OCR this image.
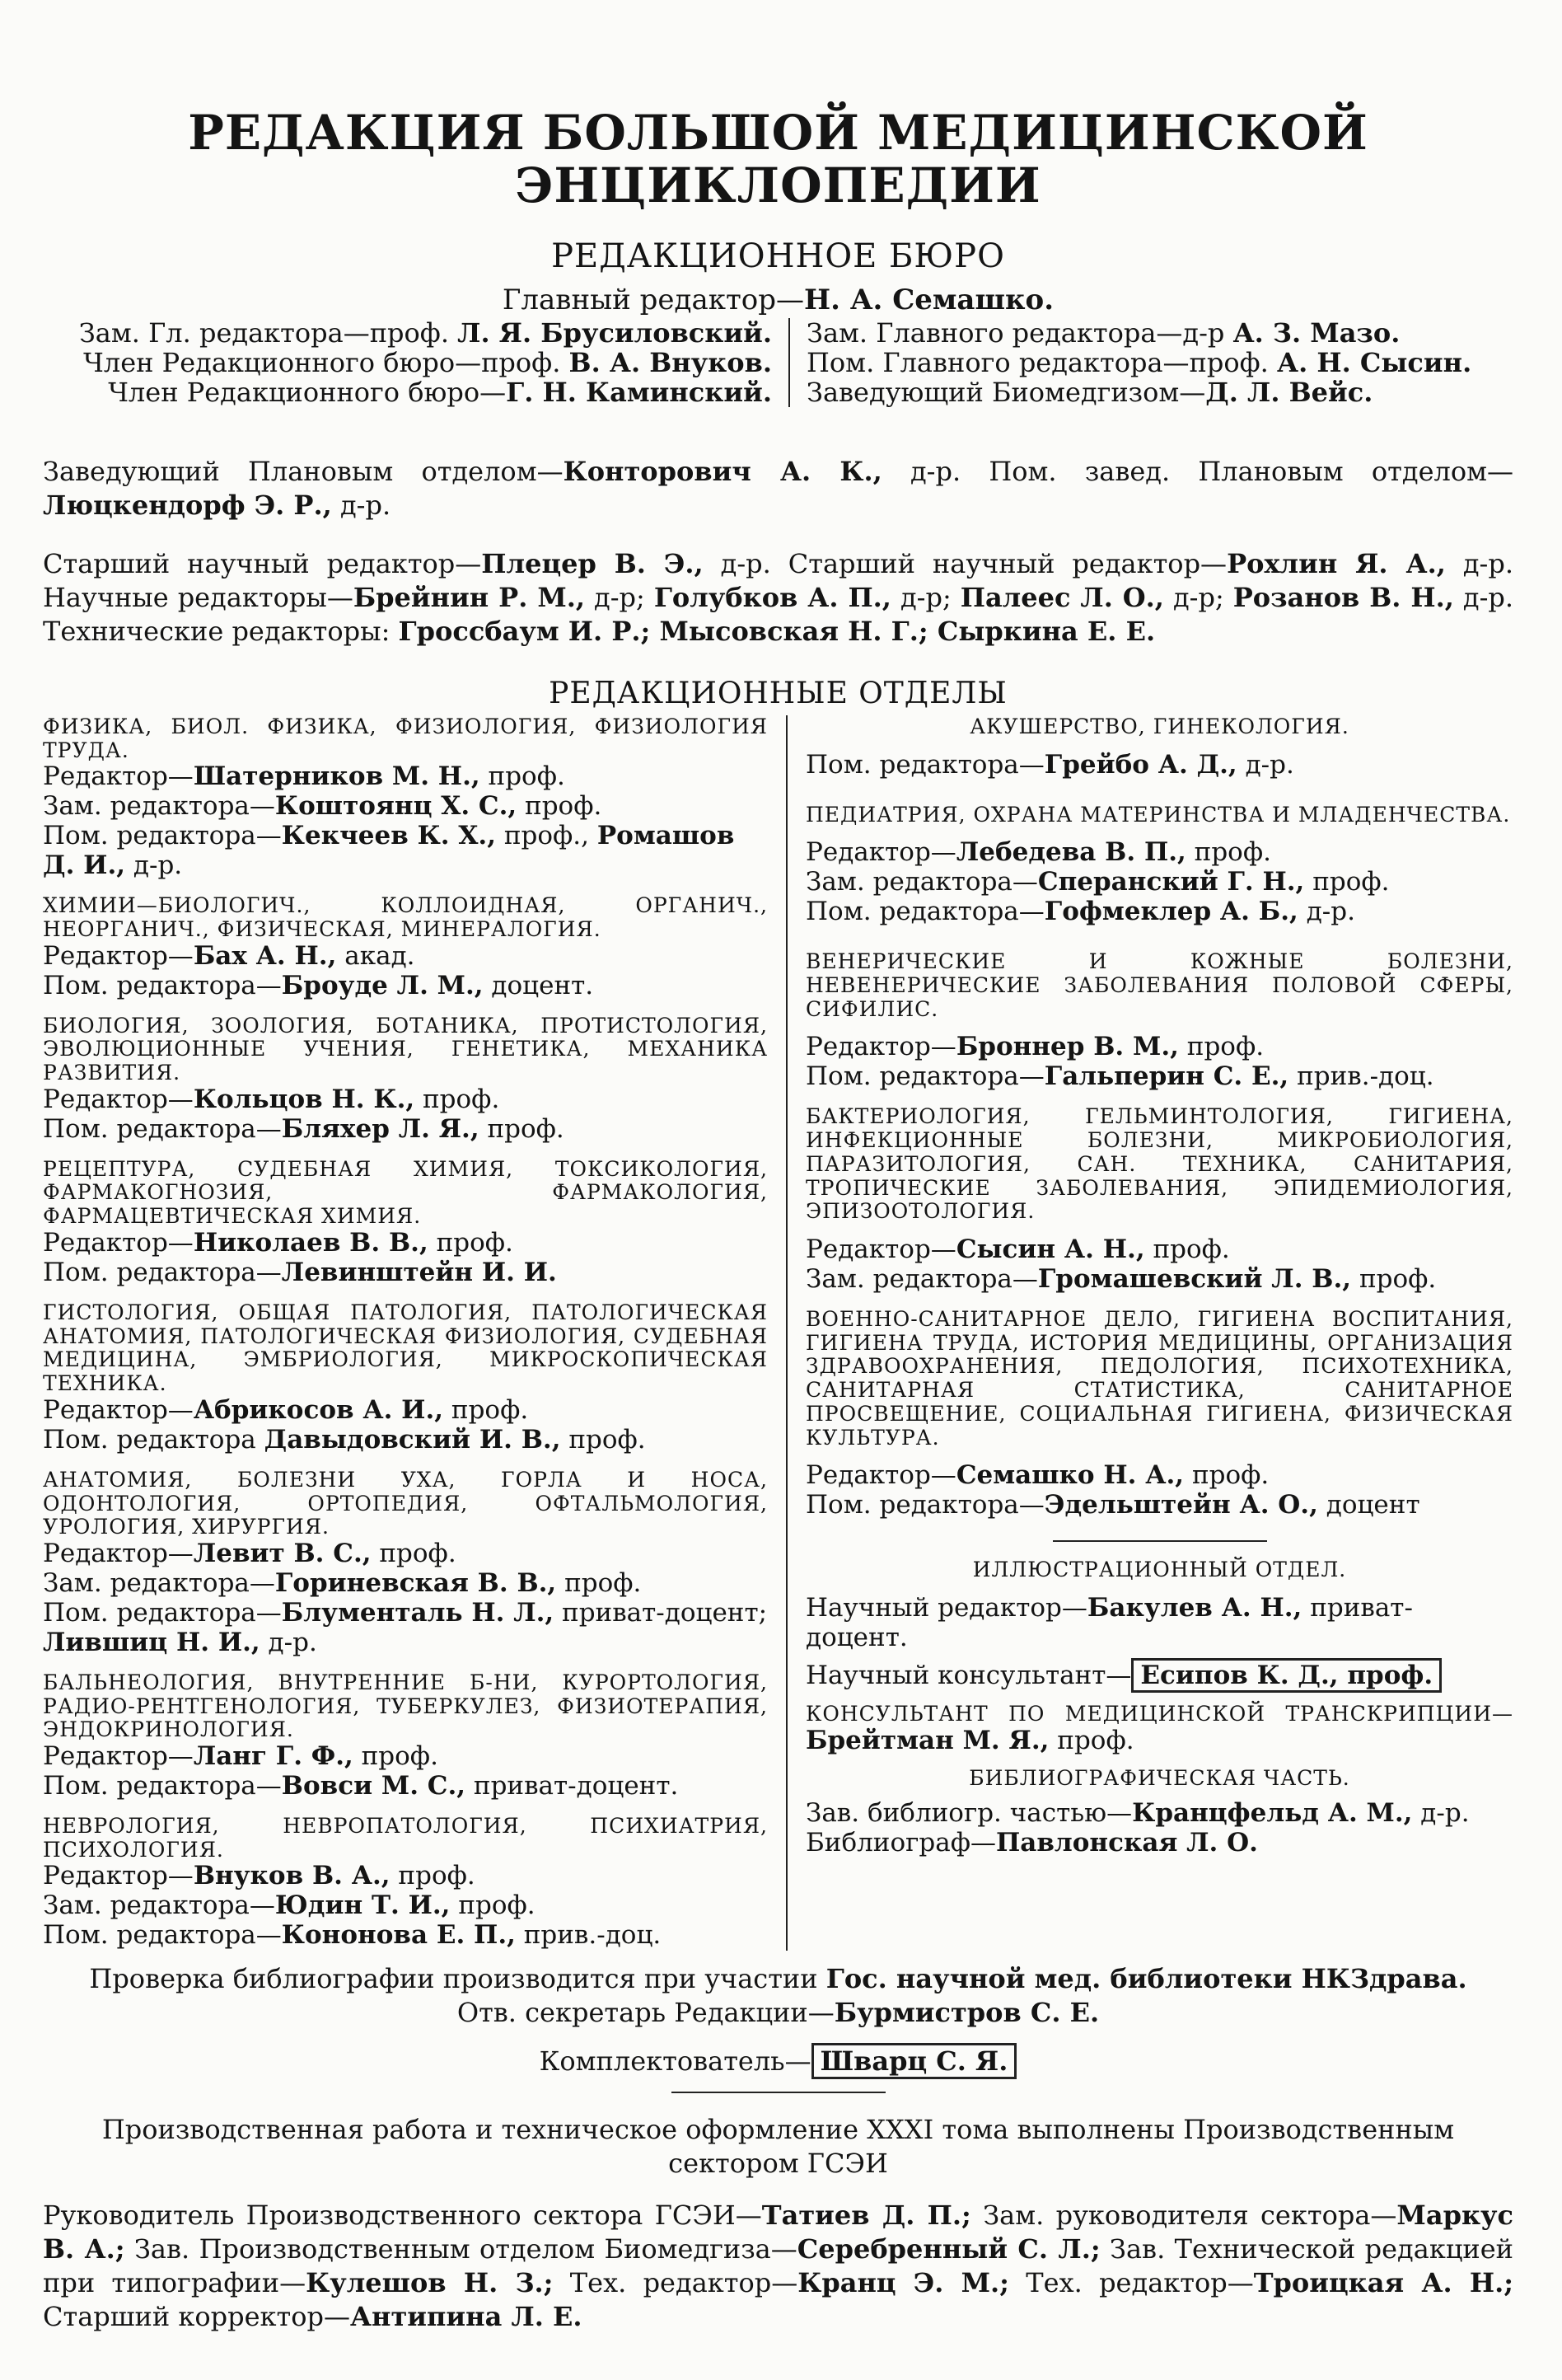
РЕДАКЦИЯ БОЛЬШОЙ МЕДИЦИНСКОЙ ЭНЦИКЛОПЕДИИ
РЕДАКЦИОННОЕ БЮРО
Главный редактор—Н. А. Семашко.
Зам. Гл. редактора—проф. Л. Я. Брусиловский.
Член Редакционного бюро—проф. В. А. Внуков.
Член Редакционного бюро—Г. Н. Каминский.
Зам. Главного редактора—д-р А. З. Мазо.
Пом. Главного редактора—проф. А. Н. Сысин.
Заведующий Биомедгизом—Д. Л. Вейс.
Заведующий Плановым отделом—Конторович А. К., д-р. Пом. завед. Плановым отделом—Люцкендорф Э. Р., д-р.
Старший научный редактор—Плецер В. Э., д-р. Старший научный редактор—Рохлин Я. А., д-р. Научные редакторы—Брейнин Р. М., д-р; Голубков А. П., д-р; Палеес Л. О., д-р; Розанов В. Н., д-р. Технические редакторы: Гроссбаум И. Р.; Мысовская Н. Г.; Сыркина Е. Е.
РЕДАКЦИОННЫЕ ОТДЕЛЫ
ФИЗИКА, БИОЛ. ФИЗИКА, ФИЗИОЛОГИЯ, ФИЗИОЛОГИЯ ТРУДА.
Редактор—Шатерников М. Н., проф.
Зам. редактора—Коштоянц Х. С., проф.
Пом. редактора—Кекчеев К. Х., проф., Ромашов Д. И., д-р.
ХИМИИ—БИОЛОГИЧ., КОЛЛОИДНАЯ, ОРГАНИЧ., НЕОРГАНИЧ., ФИЗИЧЕСКАЯ, МИНЕРАЛОГИЯ.
Редактор—Бах А. Н., акад.
Пом. редактора—Броуде Л. М., доцент.
БИОЛОГИЯ, ЗООЛОГИЯ, БОТАНИКА, ПРОТИСТОЛОГИЯ, ЭВОЛЮЦИОННЫЕ УЧЕНИЯ, ГЕНЕТИКА, МЕХАНИКА РАЗВИТИЯ.
Редактор—Кольцов Н. К., проф.
Пом. редактора—Бляхер Л. Я., проф.
РЕЦЕПТУРА, СУДЕБНАЯ ХИМИЯ, ТОКСИКОЛОГИЯ, ФАРМАКОГНОЗИЯ, ФАРМАКОЛОГИЯ, ФАРМАЦЕВТИЧЕСКАЯ ХИМИЯ.
Редактор—Николаев В. В., проф.
Пом. редактора—Левинштейн И. И.
ГИСТОЛОГИЯ, ОБЩАЯ ПАТОЛОГИЯ, ПАТОЛОГИЧЕСКАЯ АНАТОМИЯ, ПАТОЛОГИЧЕСКАЯ ФИЗИОЛОГИЯ, СУДЕБНАЯ МЕДИЦИНА, ЭМБРИОЛОГИЯ, МИКРОСКОПИЧЕСКАЯ ТЕХНИКА.
Редактор—Абрикосов А. И., проф.
Пом. редактора Давыдовский И. В., проф.
АНАТОМИЯ, БОЛЕЗНИ УХА, ГОРЛА И НОСА, ОДОНТОЛОГИЯ, ОРТОПЕДИЯ, ОФТАЛЬМОЛОГИЯ, УРОЛОГИЯ, ХИРУРГИЯ.
Редактор—Левит В. С., проф.
Зам. редактора—Гориневская В. В., проф.
Пом. редактора—Блументаль Н. Л., приват-доцент; Лившиц Н. И., д-р.
БАЛЬНЕОЛОГИЯ, ВНУТРЕННИЕ Б-НИ, КУРОРТОЛОГИЯ, РАДИО-РЕНТГЕНОЛОГИЯ, ТУБЕРКУЛЕЗ, ФИЗИОТЕРАПИЯ, ЭНДОКРИНОЛОГИЯ.
Редактор—Ланг Г. Ф., проф.
Пом. редактора—Вовси М. С., приват-доцент.
НЕВРОЛОГИЯ, НЕВРОПАТОЛОГИЯ, ПСИХИАТРИЯ, ПСИХОЛОГИЯ.
Редактор—Внуков В. А., проф.
Зам. редактора—Юдин Т. И., проф.
Пом. редактора—Кононова Е. П., прив.-доц.
АКУШЕРСТВО, ГИНЕКОЛОГИЯ.
Пом. редактора—Грейбо А. Д., д-р.
ПЕДИАТРИЯ, ОХРАНА МАТЕРИНСТВА И МЛАДЕНЧЕСТВА.
Редактор—Лебедева В. П., проф.
Зам. редактора—Сперанский Г. Н., проф.
Пом. редактора—Гофмеклер А. Б., д-р.
ВЕНЕРИЧЕСКИЕ И КОЖНЫЕ БОЛЕЗНИ, НЕВЕНЕРИЧЕСКИЕ ЗАБОЛЕВАНИЯ ПОЛОВОЙ СФЕРЫ, СИФИЛИС.
Редактор—Броннер В. М., проф.
Пом. редактора—Гальперин С. Е., прив.-доц.
БАКТЕРИОЛОГИЯ, ГЕЛЬМИНТОЛОГИЯ, ГИГИЕНА, ИНФЕКЦИОННЫЕ БОЛЕЗНИ, МИКРОБИОЛОГИЯ, ПАРАЗИТОЛОГИЯ, САН. ТЕХНИКА, САНИТАРИЯ, ТРОПИЧЕСКИЕ ЗАБОЛЕВАНИЯ, ЭПИДЕМИОЛОГИЯ, ЭПИЗООТОЛОГИЯ.
Редактор—Сысин А. Н., проф.
Зам. редактора—Громашевский Л. В., проф.
ВОЕННО-САНИТАРНОЕ ДЕЛО, ГИГИЕНА ВОСПИТАНИЯ, ГИГИЕНА ТРУДА, ИСТОРИЯ МЕДИЦИНЫ, ОРГАНИЗАЦИЯ ЗДРАВООХРАНЕНИЯ, ПЕДОЛОГИЯ, ПСИХОТЕХНИКА, САНИТАРНАЯ СТАТИСТИКА, САНИТАРНОЕ ПРОСВЕЩЕНИЕ, СОЦИАЛЬНАЯ ГИГИЕНА, ФИЗИЧЕСКАЯ КУЛЬТУРА.
Редактор—Семашко Н. А., проф.
Пом. редактора—Эдельштейн А. О., доцент
ИЛЛЮСТРАЦИОННЫЙ ОТДЕЛ.
Научный редактор—Бакулев А. Н., приват-доцент.
Научный консультант— Есипов К. Д., проф.
КОНСУЛЬТАНТ ПО МЕДИЦИНСКОЙ ТРАНСКРИПЦИИ—Брейтман М. Я., проф.
БИБЛИОГРАФИЧЕСКАЯ ЧАСТЬ.
Зав. библиогр. частью—Кранцфельд А. М., д-р.
Библиограф—Павлонская Л. О.
Проверка библиографии производится при участии Гос. научной мед. библиотеки НКЗдрава.
Отв. секретарь Редакции—Бурмистров С. Е.
Комплектователь— Шварц С. Я.
Производственная работа и техническое оформление XXXI тома выполнены Производственным сектором ГСЭИ
Руководитель Производственного сектора ГСЭИ—Татиев Д. П.; Зам. руководителя сектора—Маркус В. А.; Зав. Производственным отделом Биомедгиза—Серебренный С. Л.; Зав. Технической редакцией при типографии—Кулешов Н. З.; Тех. редактор—Кранц Э. М.; Тех. редактор—Троицкая А. Н.; Старший корректор—Антипина Л. Е.
